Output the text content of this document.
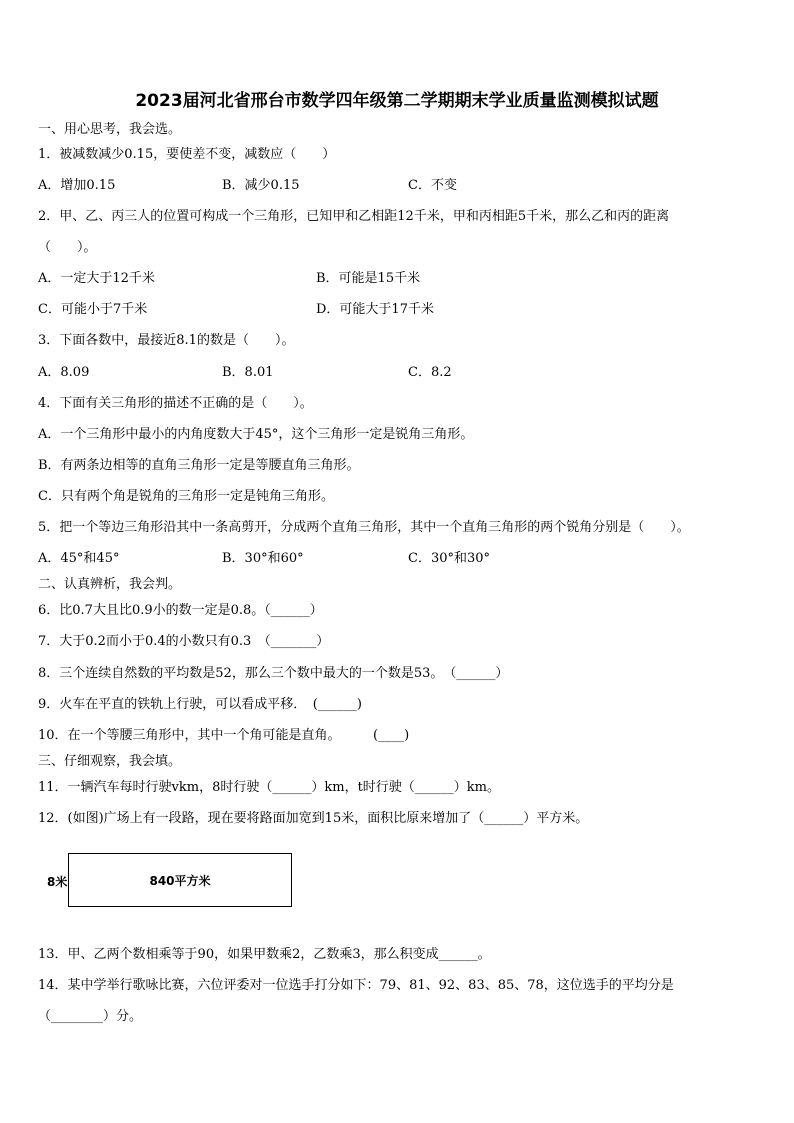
2023届河北省邢台市数学四年级第二学期期末学业质量监测模拟试题
一、用心思考，我会选。
1．被减数减少0.15，要使差不变，减数应（　　）
A．增加0.15	B．减少0.15	C．不变
2．甲、乙、丙三人的位置可构成一个三角形，已知甲和乙相距12千米，甲和丙相距5千米，那么乙和丙的距离
（　　）。
A．一定大于12千米	B．可能是15千米
C．可能小于7千米	D．可能大于17千米
3．下面各数中，最接近8.1的数是（　　）。
A．8.09	B．8.01	C．8.2
4．下面有关三角形的描述不正确的是（　　）。
A．一个三角形中最小的内角度数大于45°，这个三角形一定是锐角三角形。
B．有两条边相等的直角三角形一定是等腰直角三角形。
C．只有两个角是锐角的三角形一定是钝角三角形。
5．把一个等边三角形沿其中一条高剪开，分成两个直角三角形，其中一个直角三角形的两个锐角分别是（　　）。
A．45°和45°	B．30°和60°	C．30°和30°
二、认真辨析，我会判。
6．比0.7大且比0.9小的数一定是0.8。（______）
7．大于0.2而小于0.4的小数只有0.3　（_______）
8．三个连续自然数的平均数是52，那么三个数中最大的一个数是53。　（______）
9．火车在平直的铁轨上行驶，可以看成平移．　(______)
10．在一个等腰三角形中，其中一个角可能是直角。　　　(____)
三、仔细观察，我会填。
11．一辆汽车每时行驶vkm，8时行驶（______）km，t时行驶（______）km。
12．(如图)广场上有一段路，现在要将路面加宽到15米，面积比原来增加了（______）平方米。
8米	840平方米
13．甲、乙两个数相乘等于90，如果甲数乘2，乙数乘3，那么积变成______。
14．某中学举行歌咏比赛，六位评委对一位选手打分如下：79、81、92、83、85、78，这位选手的平均分是
（________）分。
